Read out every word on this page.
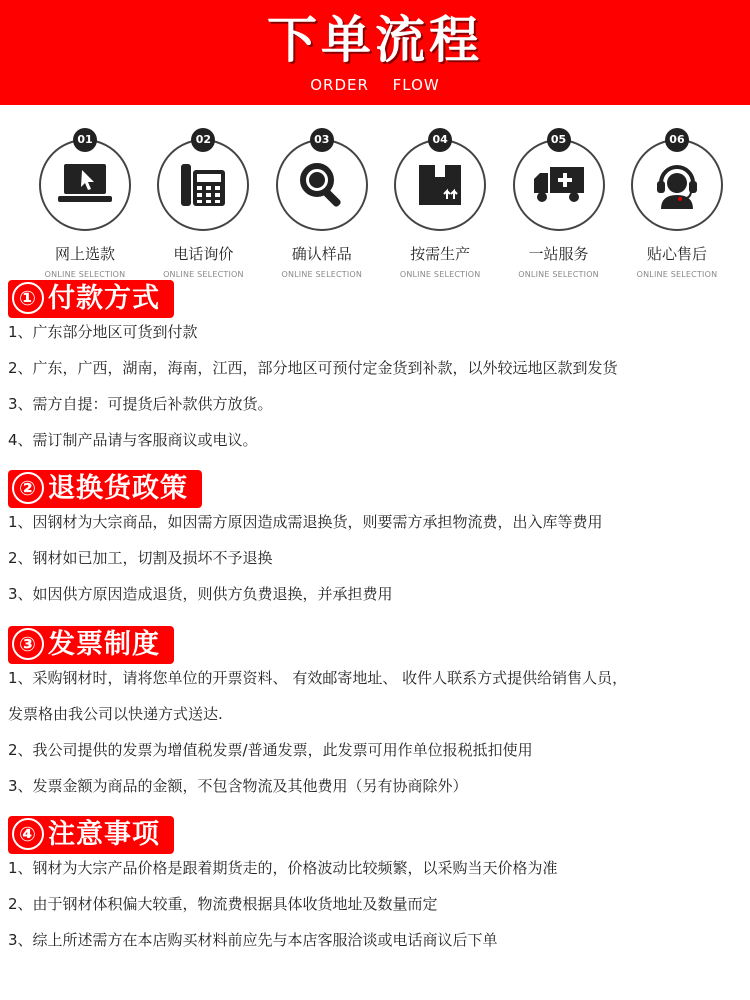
下单流程
ORDER FLOW
01
网上选款
ONLINE SELECTION
02
电话询价
ONLINE SELECTION
03
确认样品
ONLINE SELECTION
04
按需生产
ONLINE SELECTION
05
一站服务
ONLINE SELECTION
06
贴心售后
ONLINE SELECTION
① 付款方式
1、广东部分地区可货到付款
2、广东，广西，湖南，海南，江西，部分地区可预付定金货到补款，以外较远地区款到发货
3、需方自提：可提货后补款供方放货。
4、需订制产品请与客服商议或电议。
② 退换货政策
1、因钢材为大宗商品，如因需方原因造成需退换货，则要需方承担物流费，出入库等费用
2、钢材如已加工，切割及损坏不予退换
3、如因供方原因造成退货，则供方负费退换，并承担费用
③ 发票制度
1、采购钢材时，请将您单位的开票资料、 有效邮寄地址、 收件人联系方式提供给销售人员，
发票格由我公司以快递方式送达.
2、我公司提供的发票为增值税发票/普通发票，此发票可用作单位报税抵扣使用
3、发票金额为商品的金额，不包含物流及其他费用（另有协商除外）
④ 注意事项
1、钢材为大宗产品价格是跟着期货走的，价格波动比较频繁，以采购当天价格为准
2、由于钢材体积偏大较重，物流费根据具体收货地址及数量而定
3、综上所述需方在本店购买材料前应先与本店客服洽谈或电话商议后下单
